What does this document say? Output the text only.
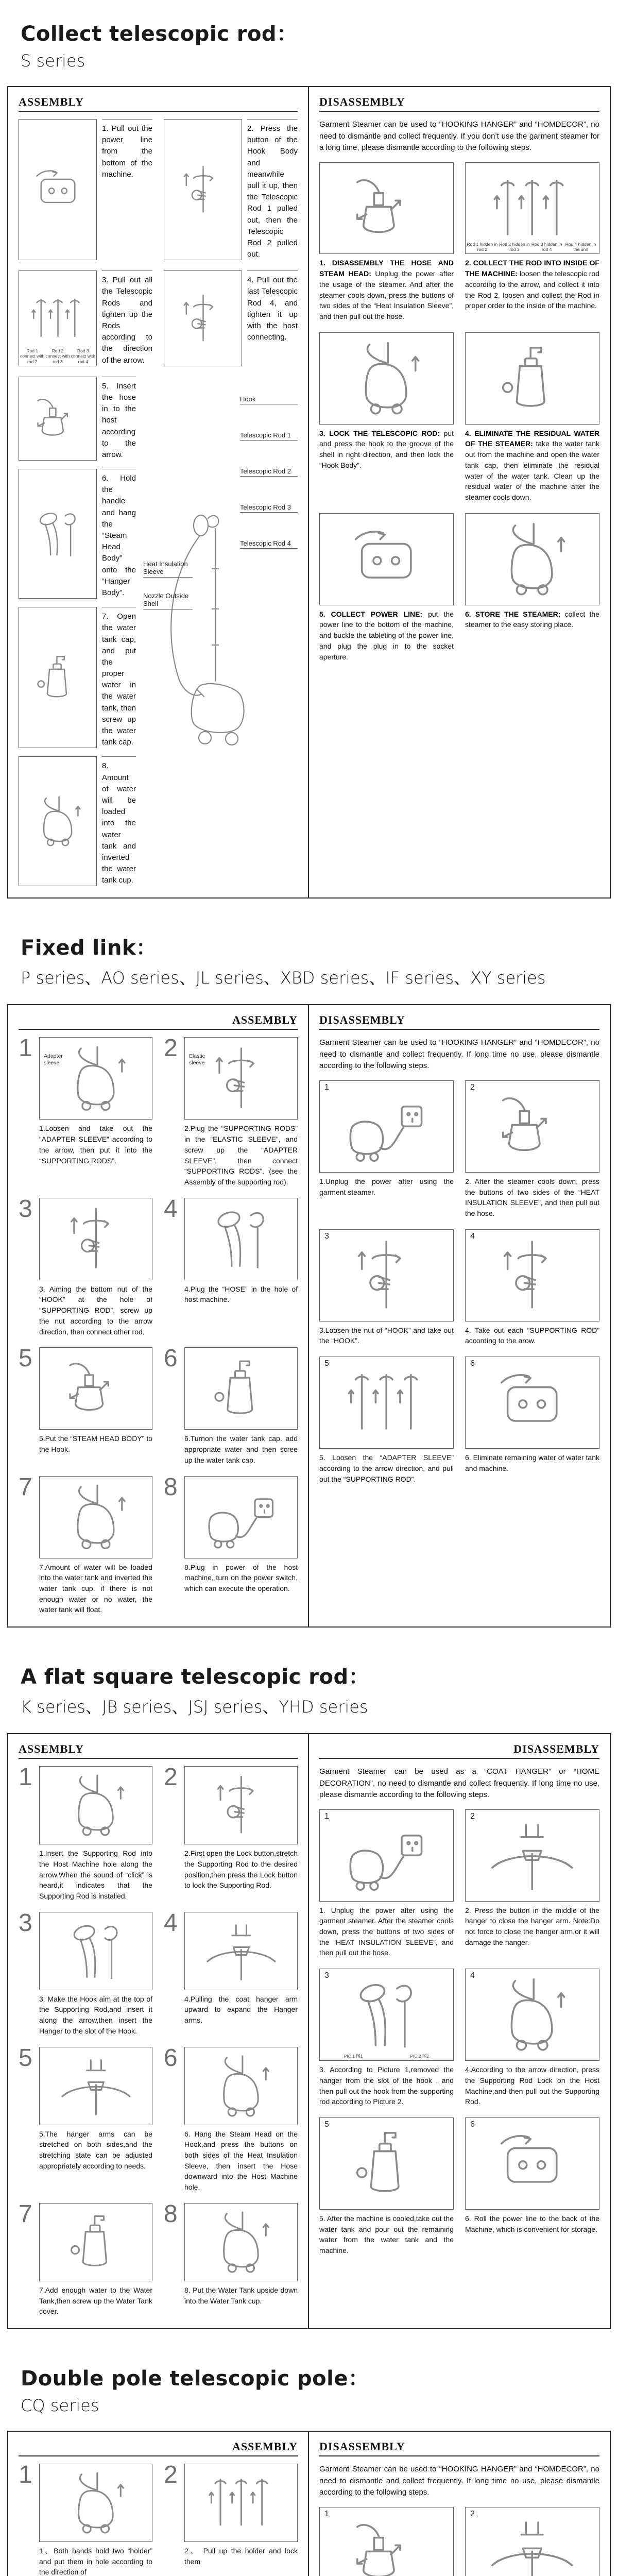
Collect telescopic rod：
S series
ASSEMBLY
1. Pull out the power line from the bottom of the machine.
2. Press the button of the Hook Body and meanwhile pull it up, then the Telescopic Rod 1 pulled out, then the Telescopic Rod 2 pulled out.
Rod 1 connect with rod 2
Rod 2 connect with rod 3
Rod 3 connect with rod 4
3. Pull out all the Telescopic Rods and tighten up the Rods according to the direction of the arrow.
4. Pull out the last Telescopic Rod 4, and tighten it up with the host connecting.
5. Insert the hose in to the host according to the arrow.
6. Hold the handle and hang the “Steam Head Body” onto the “Hanger Body”.
7. Open the water tank cap, and put the proper water in the water tank, then screw up the water tank cap.
8. Amount of water will be loaded into the water tank and inverted the water tank cup.
Hook
Telescopic Rod 1
Telescopic Rod 2
Telescopic Rod 3
Telescopic Rod 4
Heat Insulation Sleeve
Nozzle Outside Shell
DISASSEMBLY

Garment Steamer can be used to “HOOKING HANGER” and “HOMDECOR”, no need to dismantle and collect frequently. If you don’t use the garment steamer for a long time, please dismantle according to the following steps.

1. DISASSEMBLY THE HOSE AND STEAM HEAD: Unplug the power after the usage of the steamer. And after the steamer cools down, press the buttons of two sides of the “Heat Insulation Sleeve”, and then pull out the hose.
Rod 1 hidden in rod 2
Rod 2 hidden in rod 3
Rod 3 hidden in rod 4
Rod 4 hidden in the unit
2. COLLECT THE ROD INTO INSIDE OF THE MACHINE: loosen the telescopic rod according to the arrow, and collect it into the Rod 2, loosen and collect the Rod in proper order to the inside of the machine.
3. LOCK THE TELESCOPIC ROD: put and press the hook to the groove of the shell in right direction, and then lock the “Hook Body”.
4. ELIMINATE THE RESIDUAL WATER OF THE STEAMER: take the water tank out from the machine and open the water tank cap, then eliminate the residual water of the water tank. Clean up the residual water of the machine after the steamer cools down.
5. COLLECT POWER LINE: put the power line to the bottom of the machine, and buckle the tableting of the power line, and plug the plug in to the socket aperture.
6. STORE THE STEAMER: collect the steamer to the easy storing place.
Fixed link：
P series、AO series、JL series、XBD series、IF series、XY series
ASSEMBLY
1	Adapter sleeve
1.Loosen and take out the “ADAPTER SLEEVE” according to the arrow, then put it into the “SUPPORTING RODS”.
2	Elastic sleeve
2.Plug the “SUPPORTING RODS” in the “ELASTIC SLEEVE”, and screw up the “ADAPTER SLEEVE”, then connect “SUPPORTING RODS”. (see the Assembly of the supporting rod).
3
3. Aiming the bottom nut of the “HOOK” at the hole of “SUPPORTING ROD”, screw up the nut according to the arrow direction, then connect other rod.
4
4.Plug the “HOSE” in the hole of host machine.
5
5.Put the “STEAM HEAD BODY” to the Hook.
6
6.Turnon the water tank cap. add appropriate water and then scree up the water tank cap.
7
7.Amount of water will be loaded into the water tank and inverted the water tank cup. if there is not enough water or no water, the water tank will float.
8
8.Plug in power of the host machine, turn on the power switch, which can execute the operation.
DISASSEMBLY

Garment Steamer can be used to “HOOKING HANGER” and “HOMDECOR”, no need to dismantle and collect frequently. If long time no use, please dismantle according to the following steps.

1
1.Unplug the power after using the garment steamer.
2
2. After the steamer cools down, press the buttons of two sides of the “HEAT INSULATION SLEEVE”, and then pull out the hose.
3
3.Loosen the nut of “HOOK” and take out the “HOOK”.
4
4. Take out each “SUPPORTING ROD” according to the arow.
5
5. Loosen the “ADAPTER SLEEVE” according to the arrow direction, and pull out the “SUPPORTING ROD”.
6
6. Eliminate remaining water of water tank and machine.
A flat square telescopic rod：
K series、JB series、JSJ series、YHD series
ASSEMBLY
1
1.Insert the Supporting Rod into the Host Machine hole along the arrow.When the sound of “click” is heard,it indicates that the Supporting Rod is installed.
2
2.First open the Lock button,stretch the Supporting Rod to the desired position,then press the Lock button to lock the Supporting Rod.
3
3. Make the Hook aim at the top of the Supporting Rod,and insert it along the arrow,then insert the Hanger to the slot of the Hook.
4
4.Pulling the coat hanger arm upward to expand the Hanger arms.
5
5.The hanger arms can be stretched on both sides,and the stretching state can be adjusted appropriately according to needs.
6
6. Hang the Steam Head on the Hook,and press the buttons on both sides of the Heat Insulation Sleeve, then insert the Hose downward into the Host Machine hole.
7
7.Add enough water to the Water Tank,then screw up the Water Tank cover.
8
8. Put the Water Tank upside down into the Water Tank cup.
DISASSEMBLY

Garment Steamer can be used as a “COAT HANGER” or “HOME DECORATION”, no need to dismantle and collect frequently. If long time no use, please dismantle according to the following steps.

1
1. Unplug the power after using the garment steamer. After the steamer cools down, press the buttons of two sides of the “HEAT INSULATION SLEEVE”, and then pull out the hose.
2
2. Press the button in the middle of the hanger to close the hanger arm. Note:Do not force to close the hanger arm,or it will damage the hanger.
3
PIC.1 图1	PIC.2 图2
3. According to Picture 1,removed the hanger from the slot of the hook , and then pull out the hook from the supporting rod according to Picture 2.
4
4.According to the arrow direction, press the Supporting Rod Lock on the Host Machine,and then pull out the Supporting Rod.
5
5. After the machine is cooled,take out the water tank and pour out the remaining water from the water tank and the machine.
6
6. Roll the power line to the back of the Machine, which is convenient for storage.
Double pole telescopic pole：
CQ series
ASSEMBLY
1
1、Both hands hold two “holder” and put them in hole according to the direction of
2
2、 Pull up the holder and lock them
DISASSEMBLY

Garment Steamer can be used to “HOOKING HANGER” and “HOMDECOR”, no need to dismantle and collect frequently. If long time no use, please dismantle according to the following steps.

1	2
